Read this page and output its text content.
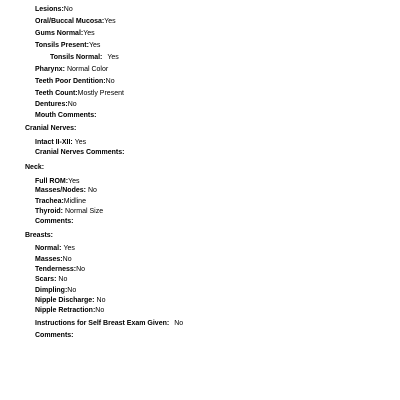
Lesions:No
Oral/Buccal Mucosa:Yes
Gums Normal:Yes
Tonsils Present:Yes
Tonsils Normal: Yes
Pharynx: Normal Color
Teeth Poor Dentition:No
Teeth Count:Mostly Present
Dentures:No
Mouth Comments:
Cranial Nerves:
Intact II-XII: Yes
Cranial Nerves Comments:
Neck:
Full ROM:Yes
Masses/Nodes: No
Trachea:Midline
Thyroid: Normal Size
Comments:
Breasts:
Normal: Yes
Masses:No
Tenderness:No
Scars: No
Dimpling:No
Nipple Discharge: No
Nipple Retraction:No
Instructions for Self Breast Exam Given: No
Comments:
